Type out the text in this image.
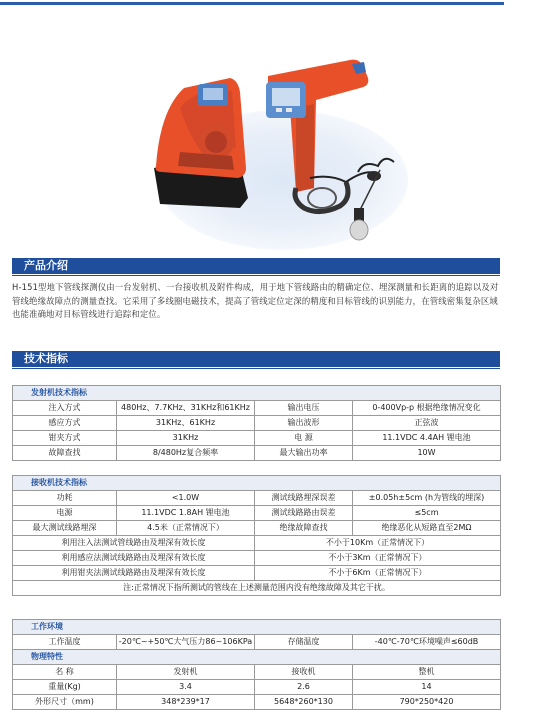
产品介绍
H-151型地下管线探测仪由一台发射机、一台接收机及附件构成，用于地下管线路由的精确定位、埋深测量和长距离的追踪以及对管线绝缘故障点的测量查找。它采用了多线圈电磁技术，提高了管线定位定深的精度和目标管线的识别能力，在管线密集复杂区域也能准确地对目标管线进行追踪和定位。
技术指标
发射机技术指标			
注入方式	480Hz、7.7KHz、31KHz和61KHz	输出电压	0-400Vp-p 根据绝缘情况变化
感应方式	31KHz、61KHz	输出波形	正弦波
钳夹方式	31KHz	电 源	11.1VDC 4.4AH 锂电池
故障查找	8/480Hz复合频率	最大输出功率	10W

接收机技术指标			
功耗	<1.0W	测试线路埋深误差	±0.05h±5cm (h为管线的埋深)
电源	11.1VDC 1.8AH 锂电池	测试线路路由误差	≤5cm
最大测试线路埋深	4.5米（正常情况下）	绝缘故障查找	绝缘恶化从短路直至2MΩ
利用注入法测试管线路由及埋深有效长度		不小于10Km（正常情况下）	
利用感应法测试线路路由及埋深有效长度		不小于3Km（正常情况下）	
利用钳夹法测试线路路由及埋深有效长度		不小于6Km（正常情况下）	
注:正常情况下指所测试的管线在上述测量范围内没有绝缘故障及其它干扰。			
工作环境			
工作温度	-20℃~+50℃大气压力86~106KPa	存储温度	-40℃-70℃环境噪声≤60dB
物理特性			
名 称	发射机	接收机	整机
重量(Kg)	3.4	2.6	14
外形尺寸（mm)	348*239*17	5648*260*130	790*250*420
